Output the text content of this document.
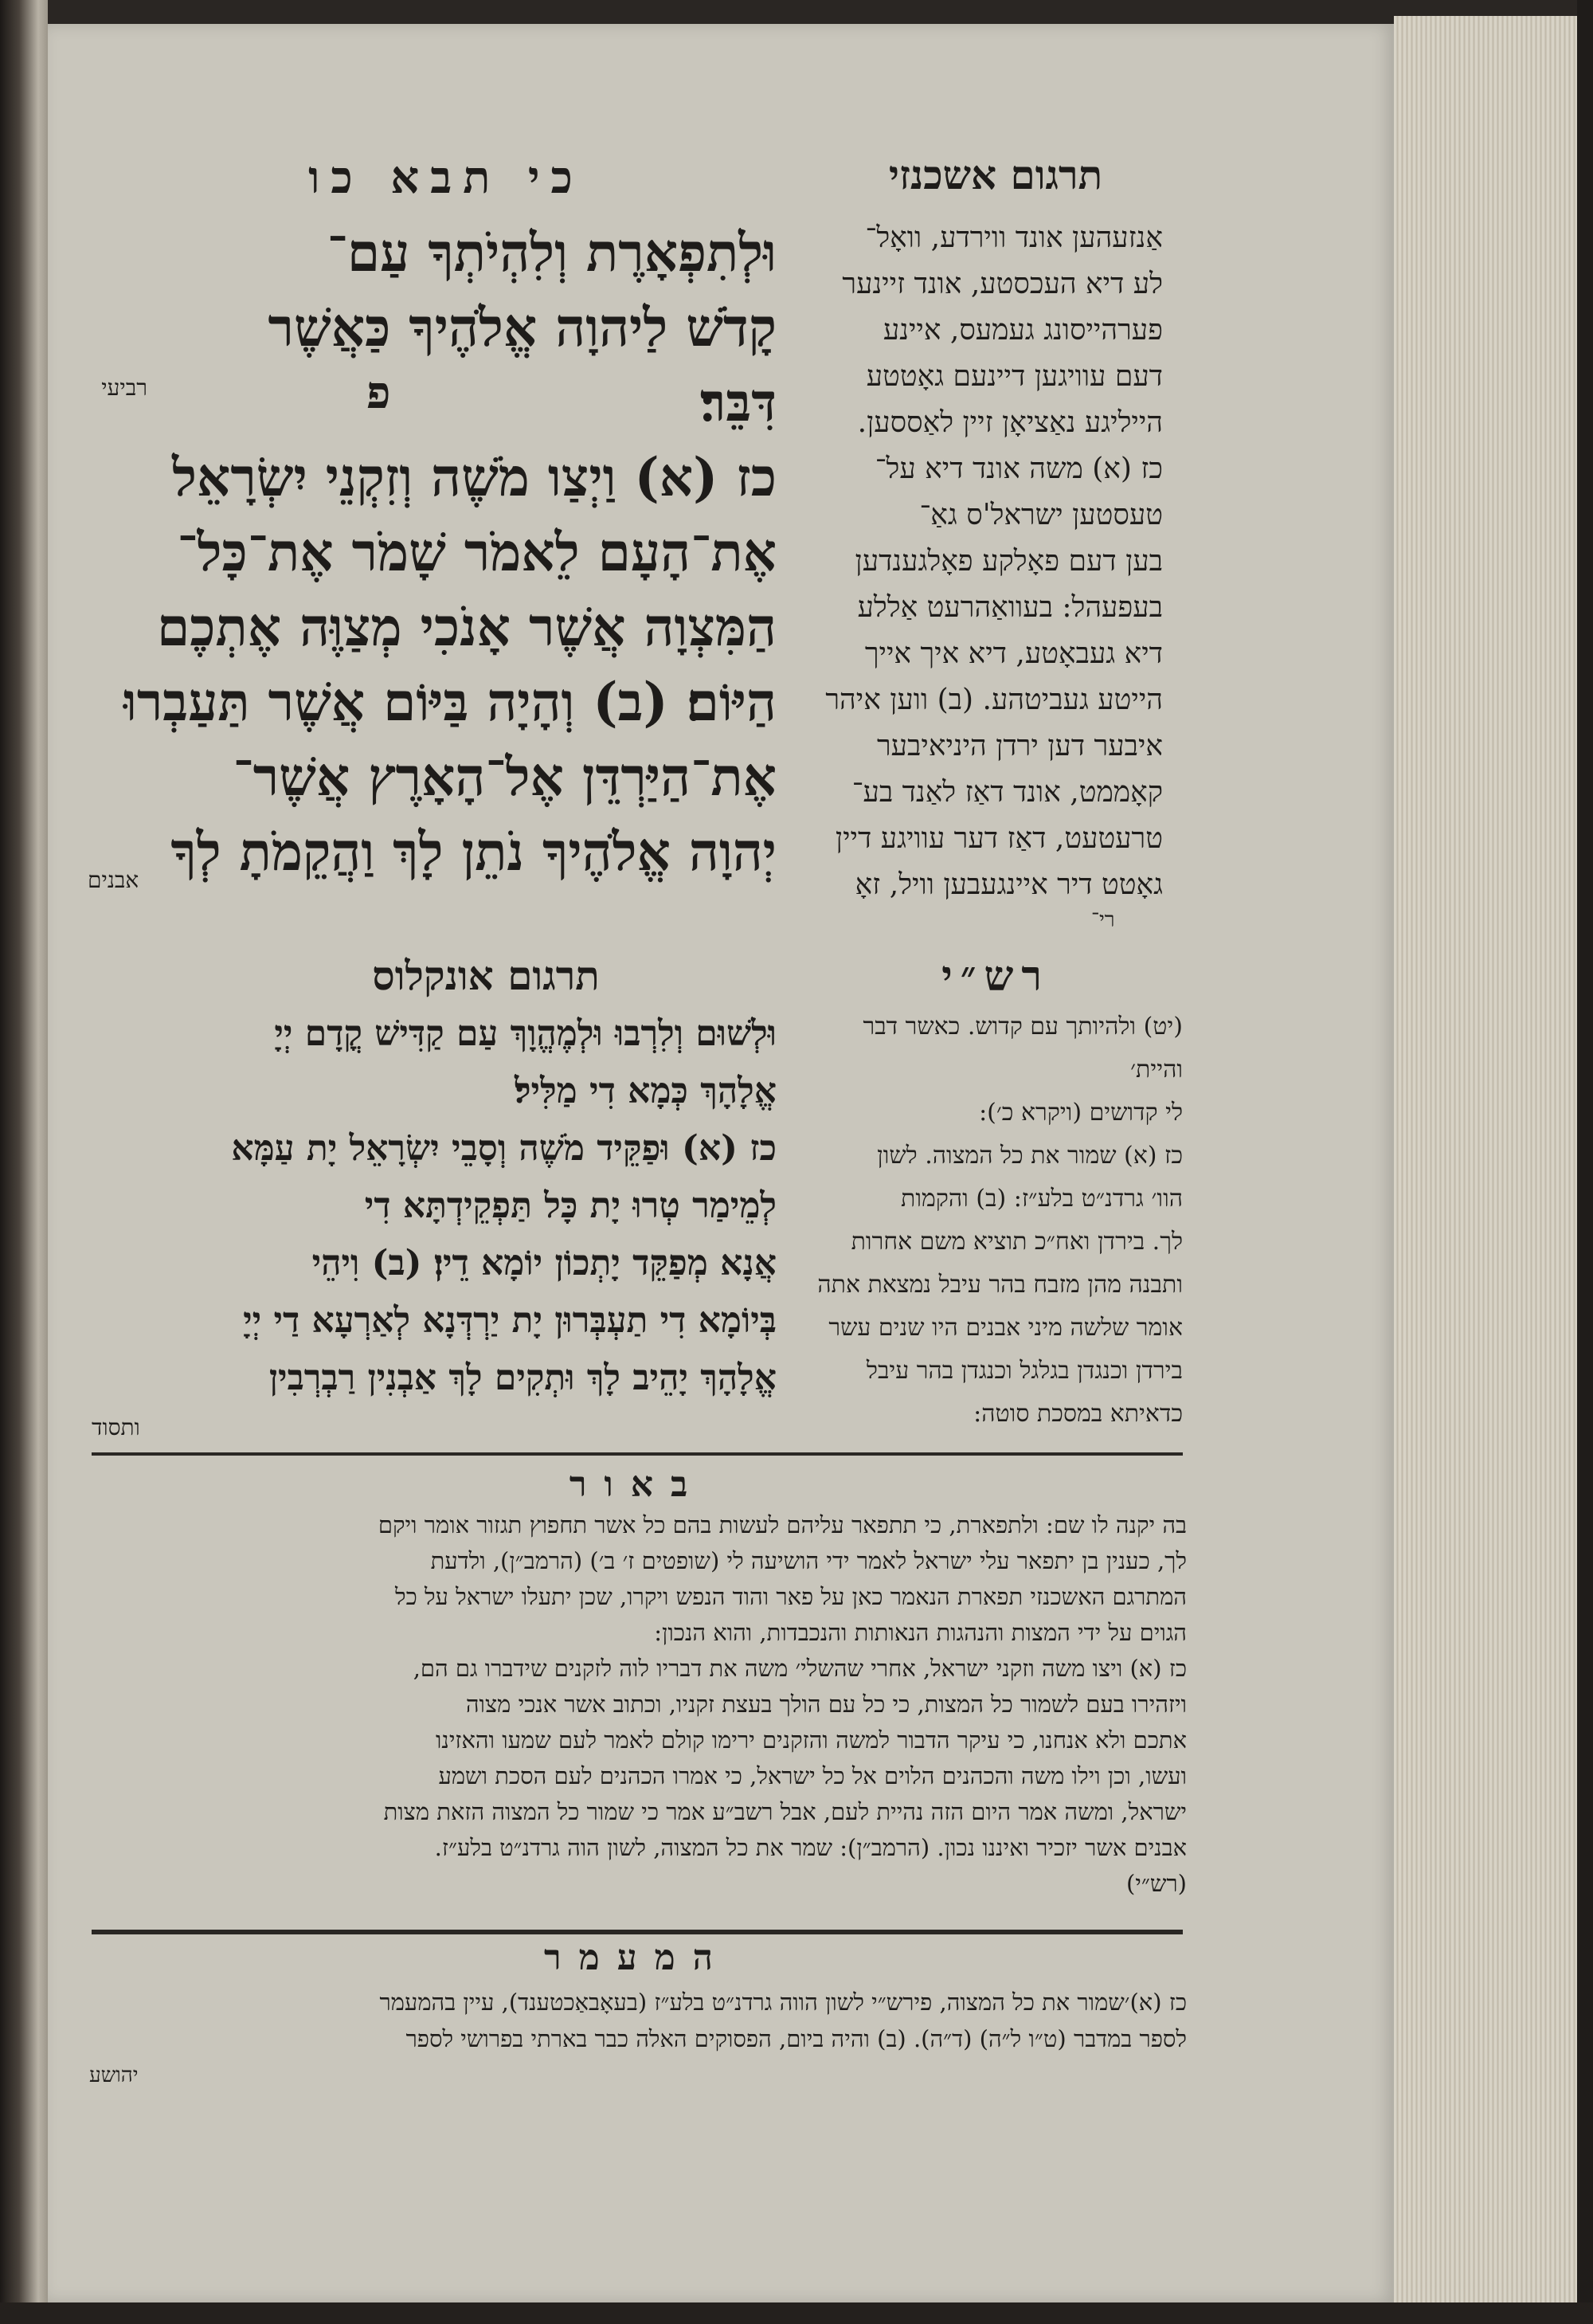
כי תבא כו	תרגום אשכנזי

וּלְתִפְאָרֶת וְלִהְיֹתְךָ עַם־

קָדֹשׁ לַיהוָה אֱלֹהֶיךָ כַּאֲשֶׁר

דִּבֵּר׃

כז (א) וַיְצַו מֹשֶׁה וְזִקְנֵי יִשְׂרָאֵל

אֶת־הָעָם לֵאמֹר שָׁמֹר אֶת־כָּל־

הַמִּצְוָה אֲשֶׁר אָנֹכִי מְצַוֶּה אֶתְכֶם

הַיּוֹם׃ (ב) וְהָיָה בַּיּוֹם אֲשֶׁר תַּעַבְרוּ

אֶת־הַיַּרְדֵּן אֶל־הָאָרֶץ אֲשֶׁר־

יְהוָה אֱלֹהֶיךָ נֹתֵן לָךְ וַהֲקֵמֹתָ לְךָ

פ
רביעי
אבנים

אַנזעהען אונד ווירדע, וואָל־

לע דיא העכסטע, אונד זיינער

פערהייסונג געמעס, איינע

דעם עוויגען דיינעם גאָטטע

הייליגע נאַציאָן זיין לאַססען.

כז (א) משה אונד דיא על־

טעסטען ישראל'ס גאַ־

בען דעם פאָלקע פאָלגענדען

בעפעהל: בעוואַהרעט אַללע

דיא געבאָטע, דיא איך אייך

הייטע געביטהע. (ב) ווען איהר

איבער דען ירדן היניאיבער

קאָממט, אונד דאַז לאַנד בע־

טרעטעט, דאַז דער עוויגע דיין

גאָטט דיר איינגעבען וויל, זאָ

רי־
תרגום אונקלוס

וּלְשׁוּם וְלִרְבוּ וּלְמֶהֱוָךְ עַם קַדִּישׁ קֳדָם יְיָ

אֱלָהָךְ כְּמָא דִי מַלִּיל׃

כז (א) וּפַקֵּיד מֹשֶׁה וְסָבֵי יִשְׂרָאֵל יָת עַמָּא

לְמֵימַר טְרוּ יָת כָּל תַּפְקֵידְתָּא דִי

אֲנָא מְפַקֵּד יָתְכוֹן יוֹמָא דֵין׃ (ב) וִיהֵי

בְּיוֹמָא דִי תַעְבְּרוּן יָת יַרְדְּנָא לְאַרְעָא דַי יְיָ

אֱלָהָךְ יָהֵיב לָךְ וּתְקִים לָךְ אַבְנִין רַבְרְבִין

ותסוד
רש״י

(יט) ולהיותך עם קדוש. כאשר דבר והיית׳

לי קדושים (ויקרא כ׳):

כז (א) שמור את כל המצוה. לשון

הוו׳ גרדנ״ט בלע״ז: (ב) והקמות

לך. בירדן ואח״כ תוציא משם אחרות

ותבנה מהן מזבח בהר עיבל נמצאת אתה

אומר שלשה מיני אבנים היו שנים עשר

בירדן וכנגדן בגלגל וכנגדן בהר עיבל

כדאיתא במסכת סוטה:

באור

בה יקנה לו שם: ולתפארת, כי תתפאר עליהם לעשות בהם כל אשר תחפוץ תגזור אומר ויקם

לך, כענין בן יתפאר עלי ישראל לאמר ידי הושיעה לי (שופטים ז׳ ב׳) (הרמב״ן), ולדעת

המתרגם האשכנזי תפארת הנאמר כאן על פאר והוד הנפש ויקרו, שכן יתעלו ישראל על כל

הגוים על ידי המצות והנהגות הנאותות והנכבדות, והוא הנכון:

כז (א) ויצו משה וזקני ישראל, אחרי שהשלי׳ משה את דבריו לוה לזקנים שידברו גם הם,

ויזהירו בעם לשמור כל המצות, כי כל עם הולך בעצת זקניו, וכתוב אשר אנכי מצוה

אתכם ולא אנחנו, כי עיקר הדבור למשה והזקנים ירימו קולם לאמר לעם שמעו והאזינו

ועשו, וכן וילו משה והכהנים הלוים אל כל ישראל, כי אמרו הכהנים לעם הסכת ושמע

ישראל, ומשה אמר היום הזה נהיית לעם, אבל רשב״ע אמר כי שמור כל המצוה הזאת מצות

אבנים אשר יזכיר ואיננו נכון. (הרמב״ן): שמר את כל המצוה, לשון הוה גרדנ״ט בלע״ז.

(רש״י)

המעמר

כז (א)׳שמור את כל המצוה, פירש״י לשון הווה גרדנ״ט בלע״ז (בעאָבאַכטענד), עיין בהמעמר

לספר במדבר (ט״ו ל״ה) (ד״ה). (ב) והיה ביום, הפסוקים האלה כבר בארתי בפרושי לספר

יהושע
